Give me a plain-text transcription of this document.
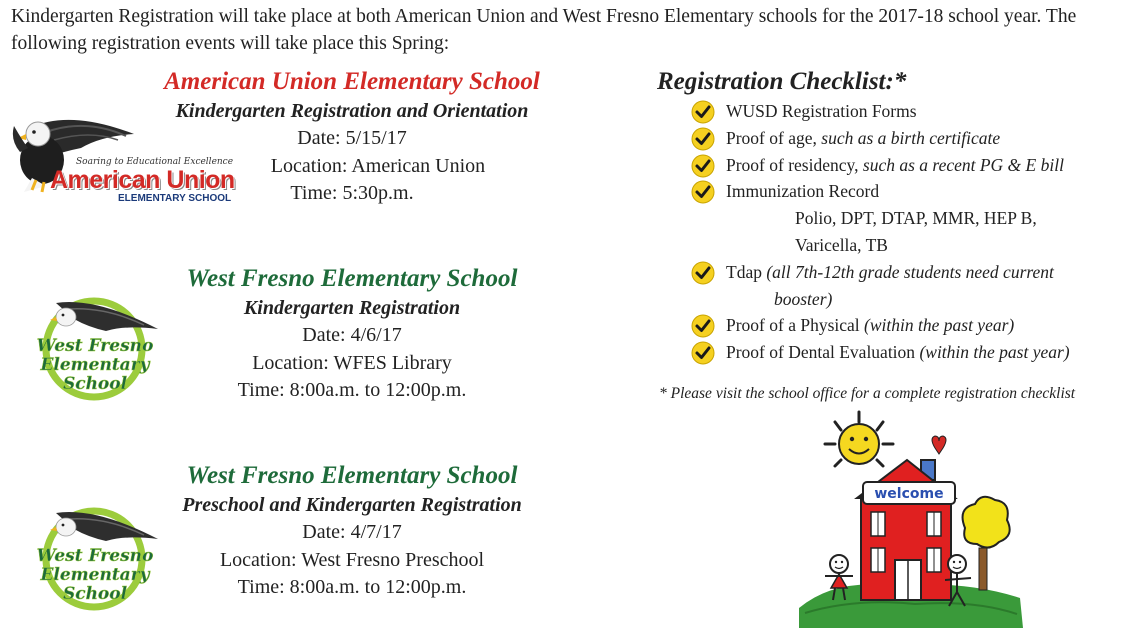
Kindergarten Registration will take place at both American Union and West Fresno Elementary schools for the 2017-18 school year. The following registration events will take place this Spring:

American Union Elementary School
Kindergarten Registration and Orientation
Date: 5/15/17
Location: American Union
Time: 5:30p.m.
Soaring to Educational Excellence
American Union
ELEMENTARY SCHOOL
West Fresno Elementary School
Kindergarten Registration
Date: 4/6/17
Location: WFES Library
Time: 8:00a.m. to 12:00p.m.
West Fresno
Elementary
School
West Fresno Elementary School
Preschool and Kindergarten Registration
Date: 4/7/17
Location: West Fresno Preschool
Time: 8:00a.m. to 12:00p.m.
West Fresno
Elementary
School
Registration Checklist:*
WUSD Registration Forms
Proof of age, such as a birth certificate
Proof of residency, such as a recent PG & E bill
Immunization Record
Polio, DPT, DTAP, MMR, HEP B,
Varicella, TB
Tdap (all 7th-12th grade students need current
booster)
Proof of a Physical (within the past year)
Proof of Dental Evaluation (within the past year)
* Please visit the school office for a complete registration checklist
welcome
